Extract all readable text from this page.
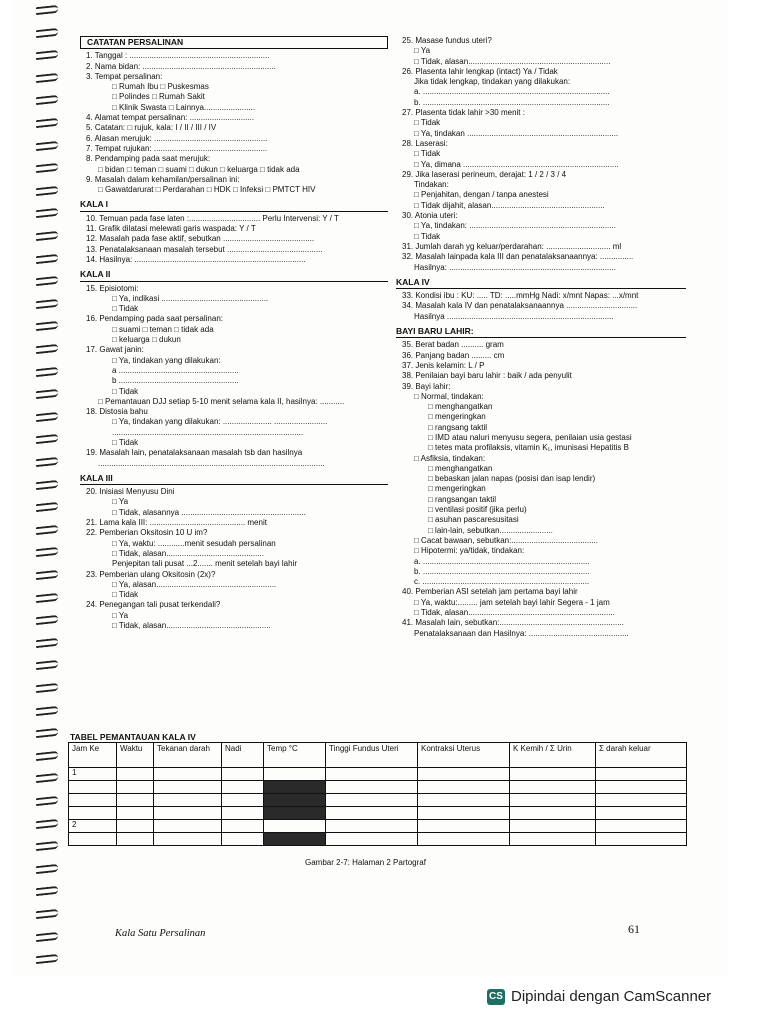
CATATAN PERSALINAN
1. Tanggal : ...............................................................
2. Nama bidan: ............................................................
3. Tempat persalinan:
□ Rumah Ibu □ Puskesmas
□ Polindes □ Rumah Sakit
□ Klinik Swasta □ Lainnya.......................
4. Alamat tempat persalinan: .............................
5. Catatan: □ rujuk, kala: I / II / III / IV
6. Alasan merujuk: ...................................................
7. Tempat rujukan: ...................................................
8. Pendamping pada saat merujuk:
□ bidan □ teman □ suami □ dukun □ keluarga □ tidak ada
9. Masalah dalam kehamilan/persalinan ini:
□ Gawatdarurat □ Perdarahan □ HDK □ Infeksi □ PMTCT HIV
KALA I
10. Temuan pada fase laten :................................ Perlu Intervensi: Y / T
11. Grafik dilatasi melewati garis waspada: Y / T
12. Masalah pada fase aktif, sebutkan .........................................
13. Penatalaksanaan masalah tersebut ...........................................
14. Hasilnya: .............................................................................
KALA II
15. Episiotomi:
□ Ya, indikasi ................................................
□ Tidak
16. Pendamping pada saat persalinan:
□ suami □ teman □ tidak ada
□ keluarga □ dukun
17. Gawat janin:
□ Ya, tindakan yang dilakukan:
a ......................................................
b ......................................................
□ Tidak
□ Pemantauan DJJ setiap 5-10 menit selama kala II, hasilnya: ...........
18. Distosia bahu
□ Ya, tindakan yang dilakukan: ...................... ........................
......................................................................................
□ Tidak
19. Masalah lain, penatalaksanaan masalah tsb dan hasilnya
......................................................................................................
KALA III
20. Inisiasi Menyusu Dini
□ Ya
□ Tidak, alasannya ........................................................
21. Lama kala III: ........................................... menit
22. Pemberian Oksitosin 10 U im?
□ Ya, waktu: ............menit sesudah persalinan
□ Tidak, alasan............................................
Penjepitan tali pusat ...2....... menit setelah bayi lahir
23. Pemberian ulang Oksitosin (2x)?
□ Ya, alasan......................................................
□ Tidak
24. Penegangan tali pusat terkendali?
□ Ya
□ Tidak, alasan...............................................
25. Masase fundus uteri?
□ Ya
□ Tidak, alasan................................................................
26. Plasenta lahir lengkap (intact) Ya / Tidak
Jika tidak lengkap, tindakan yang dilakukan:
a. ....................................................................................
b. ....................................................................................
27. Plasenta tidak lahir >30 menit :
□ Tidak
□ Ya, tindakan ....................................................................
28. Laserasi:
□ Tidak
□ Ya, dimana ......................................................................
29. Jika laserasi perineum, derajat: 1 / 2 / 3 / 4
Tindakan:
□ Penjahitan, dengan / tanpa anestesi
□ Tidak dijahit, alasan...................................................
30. Atonia uteri:
□ Ya, tindakan: ..................................................................
□ Tidak
31. Jumlah darah yg keluar/perdarahan: ............................. ml
32. Masalah lainpada kala III dan penatalaksanaannya: ...............
Hasilnya: ...........................................................................
KALA IV
33. Kondisi ibu : KU: ..... TD: .....mmHg Nadi: x/mnt Napas: ...x/mnt
34. Masalah kala IV dan penatalaksanaannya ................................
Hasilnya ...........................................................................
BAYI BARU LAHIR:
35. Berat badan .......... gram
36. Panjang badan ......... cm
37. Jenis kelamin: L / P
38. Penilaian bayi baru lahir : baik / ada penyulit
39. Bayi lahir:
□ Normal, tindakan:
□ menghangatkan
□ mengeringkan
□ rangsang taktil
□ IMD atau naluri menyusu segera, penilaian usia gestasi
□ tetes mata profilaksis, vitamin K₁, imunisasi Hepatitis B
□ Asfiksia, tindakan:
□ menghangatkan
□ bebaskan jalan napas (posisi dan isap lendir)
□ mengeringkan
□ rangsangan taktil
□ ventilasi positif (jika perlu)
□ asuhan pascaresusitasi
□ lain-lain, sebutkan........................
□ Cacat bawaan, sebutkan:.......................................
□ Hipotermi: ya/tidak, tindakan:
a. ...........................................................................
b. ...........................................................................
c. ...........................................................................
40. Pemberian ASI setelah jam pertama bayi lahir
□ Ya, waktu:......... jam setelah bayi lahir Segera - 1 jam
□ Tidak, alasan..................................................................
41. Masalah lain, sebutkan:........................................................
Penatalaksanaan dan Hasilnya: .............................................
TABEL PEMANTAUAN KALA IV
Jam Ke	Waktu	Tekanan darah	Nadi	Temp °C	Tinggi Fundus Uteri	Kontraksi Uterus	K Kemih / Σ Urin	Σ darah keluar
1								

2								

Gambar 2-7: Halaman 2 Partograf
Kala Satu Persalinan	61
CS Dipindai dengan CamScanner
